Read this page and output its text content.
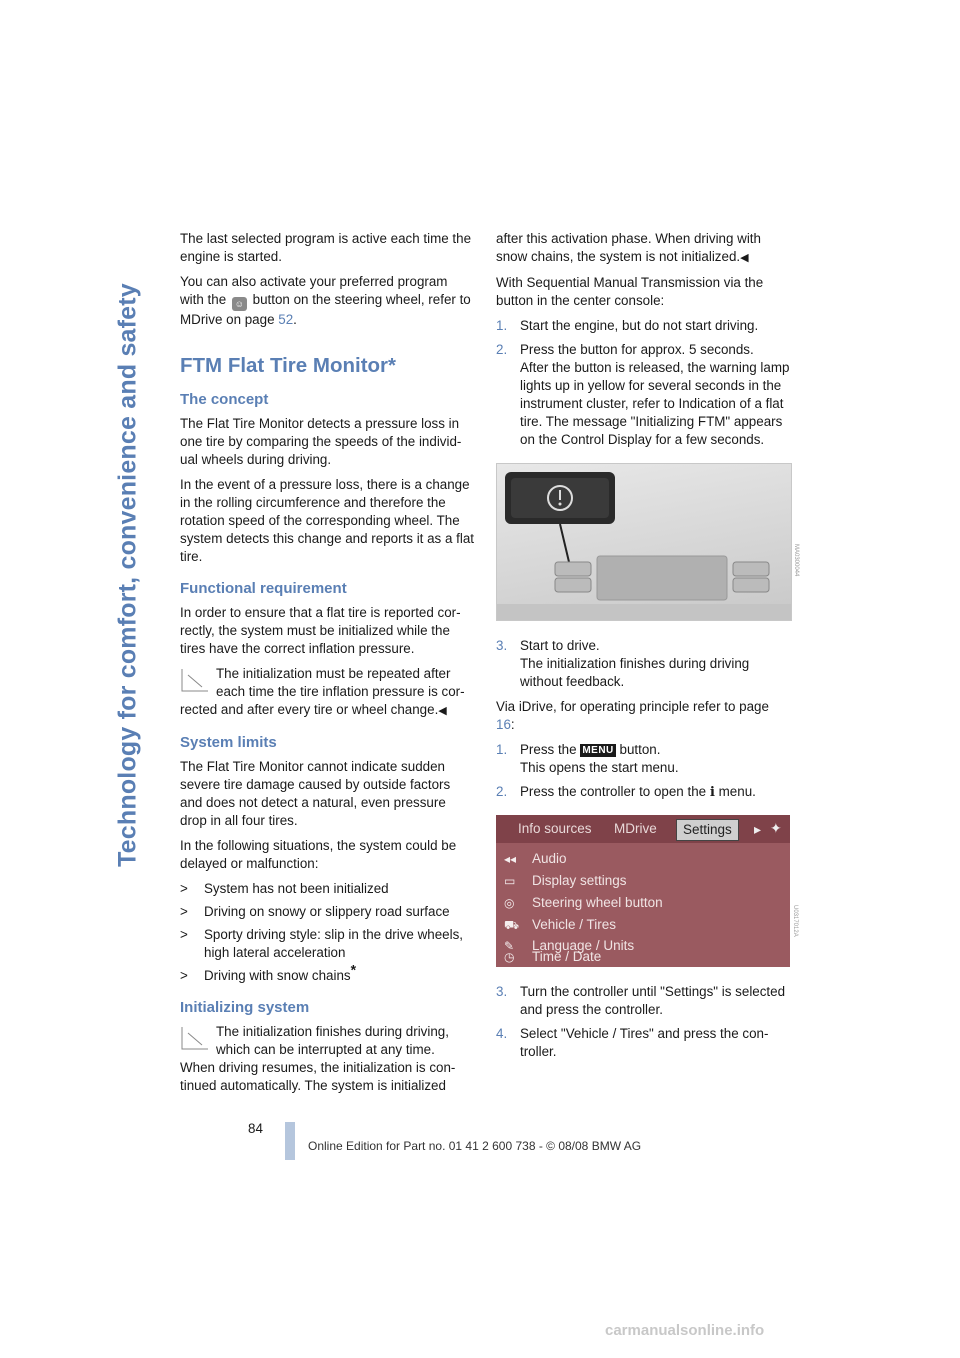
Technology for comfort, convenience and safety

The last selected program is active each time the engine is started.

You can also activate your preferred program with the ☺ button on the steering wheel, refer to MDrive on page 52.

FTM Flat Tire Monitor*
The concept

The Flat Tire Monitor detects a pressure loss in one tire by comparing the speeds of the individ-ual wheels during driving.

In the event of a pressure loss, there is a change in the rolling circumference and therefore the rotation speed of the corresponding wheel. The system detects this change and reports it as a flat tire.

Functional requirement

In order to ensure that a flat tire is reported cor-rectly, the system must be initialized while the tires have the correct inflation pressure.

The initialization must be repeated after each time the tire inflation pressure is cor-
rected and after every tire or wheel change.◀
System limits

The Flat Tire Monitor cannot indicate sudden severe tire damage caused by outside factors and does not detect a natural, even pressure drop in all four tires.

In the following situations, the system could be delayed or malfunction:

> System has not been initialized
> Driving on snowy or slippery road surface
> Sporty driving style: slip in the drive wheels, high lateral acceleration
> Driving with snow chains*
Initializing system
The initialization finishes during driving, which can be interrupted at any time.
When driving resumes, the initialization is con-tinued automatically. The system is initialized

after this activation phase. When driving with snow chains, the system is not initialized.◀

With Sequential Manual Transmission via the button in the center console:

1. Start the engine, but do not start driving.
2. Press the button for approx. 5 seconds.
After the button is released, the warning lamp lights up in yellow for several seconds in the instrument cluster, refer to Indication of a flat tire. The message "Initializing FTM" appears on the Control Display for a few seconds.
MA0300044
3. Start to drive.
The initialization finishes during driving without feedback.

Via iDrive, for operating principle refer to page 16:

1. Press the MENU button.
This opens the start menu.
2. Press the controller to open the i menu.
Info sources MDrive	Settings	▸ ✦
◂◂ Audio
▭ Display settings
◎ Steering wheel button
⛟ Vehicle / Tires
✎ Language / Units
◷ Time / Date
U0317012A
3. Turn the controller until "Settings" is selected and press the controller.
4. Select "Vehicle / Tires" and press the con-troller.
84
Online Edition for Part no. 01 41 2 600 738 - © 08/08 BMW AG
carmanualsonline.info
